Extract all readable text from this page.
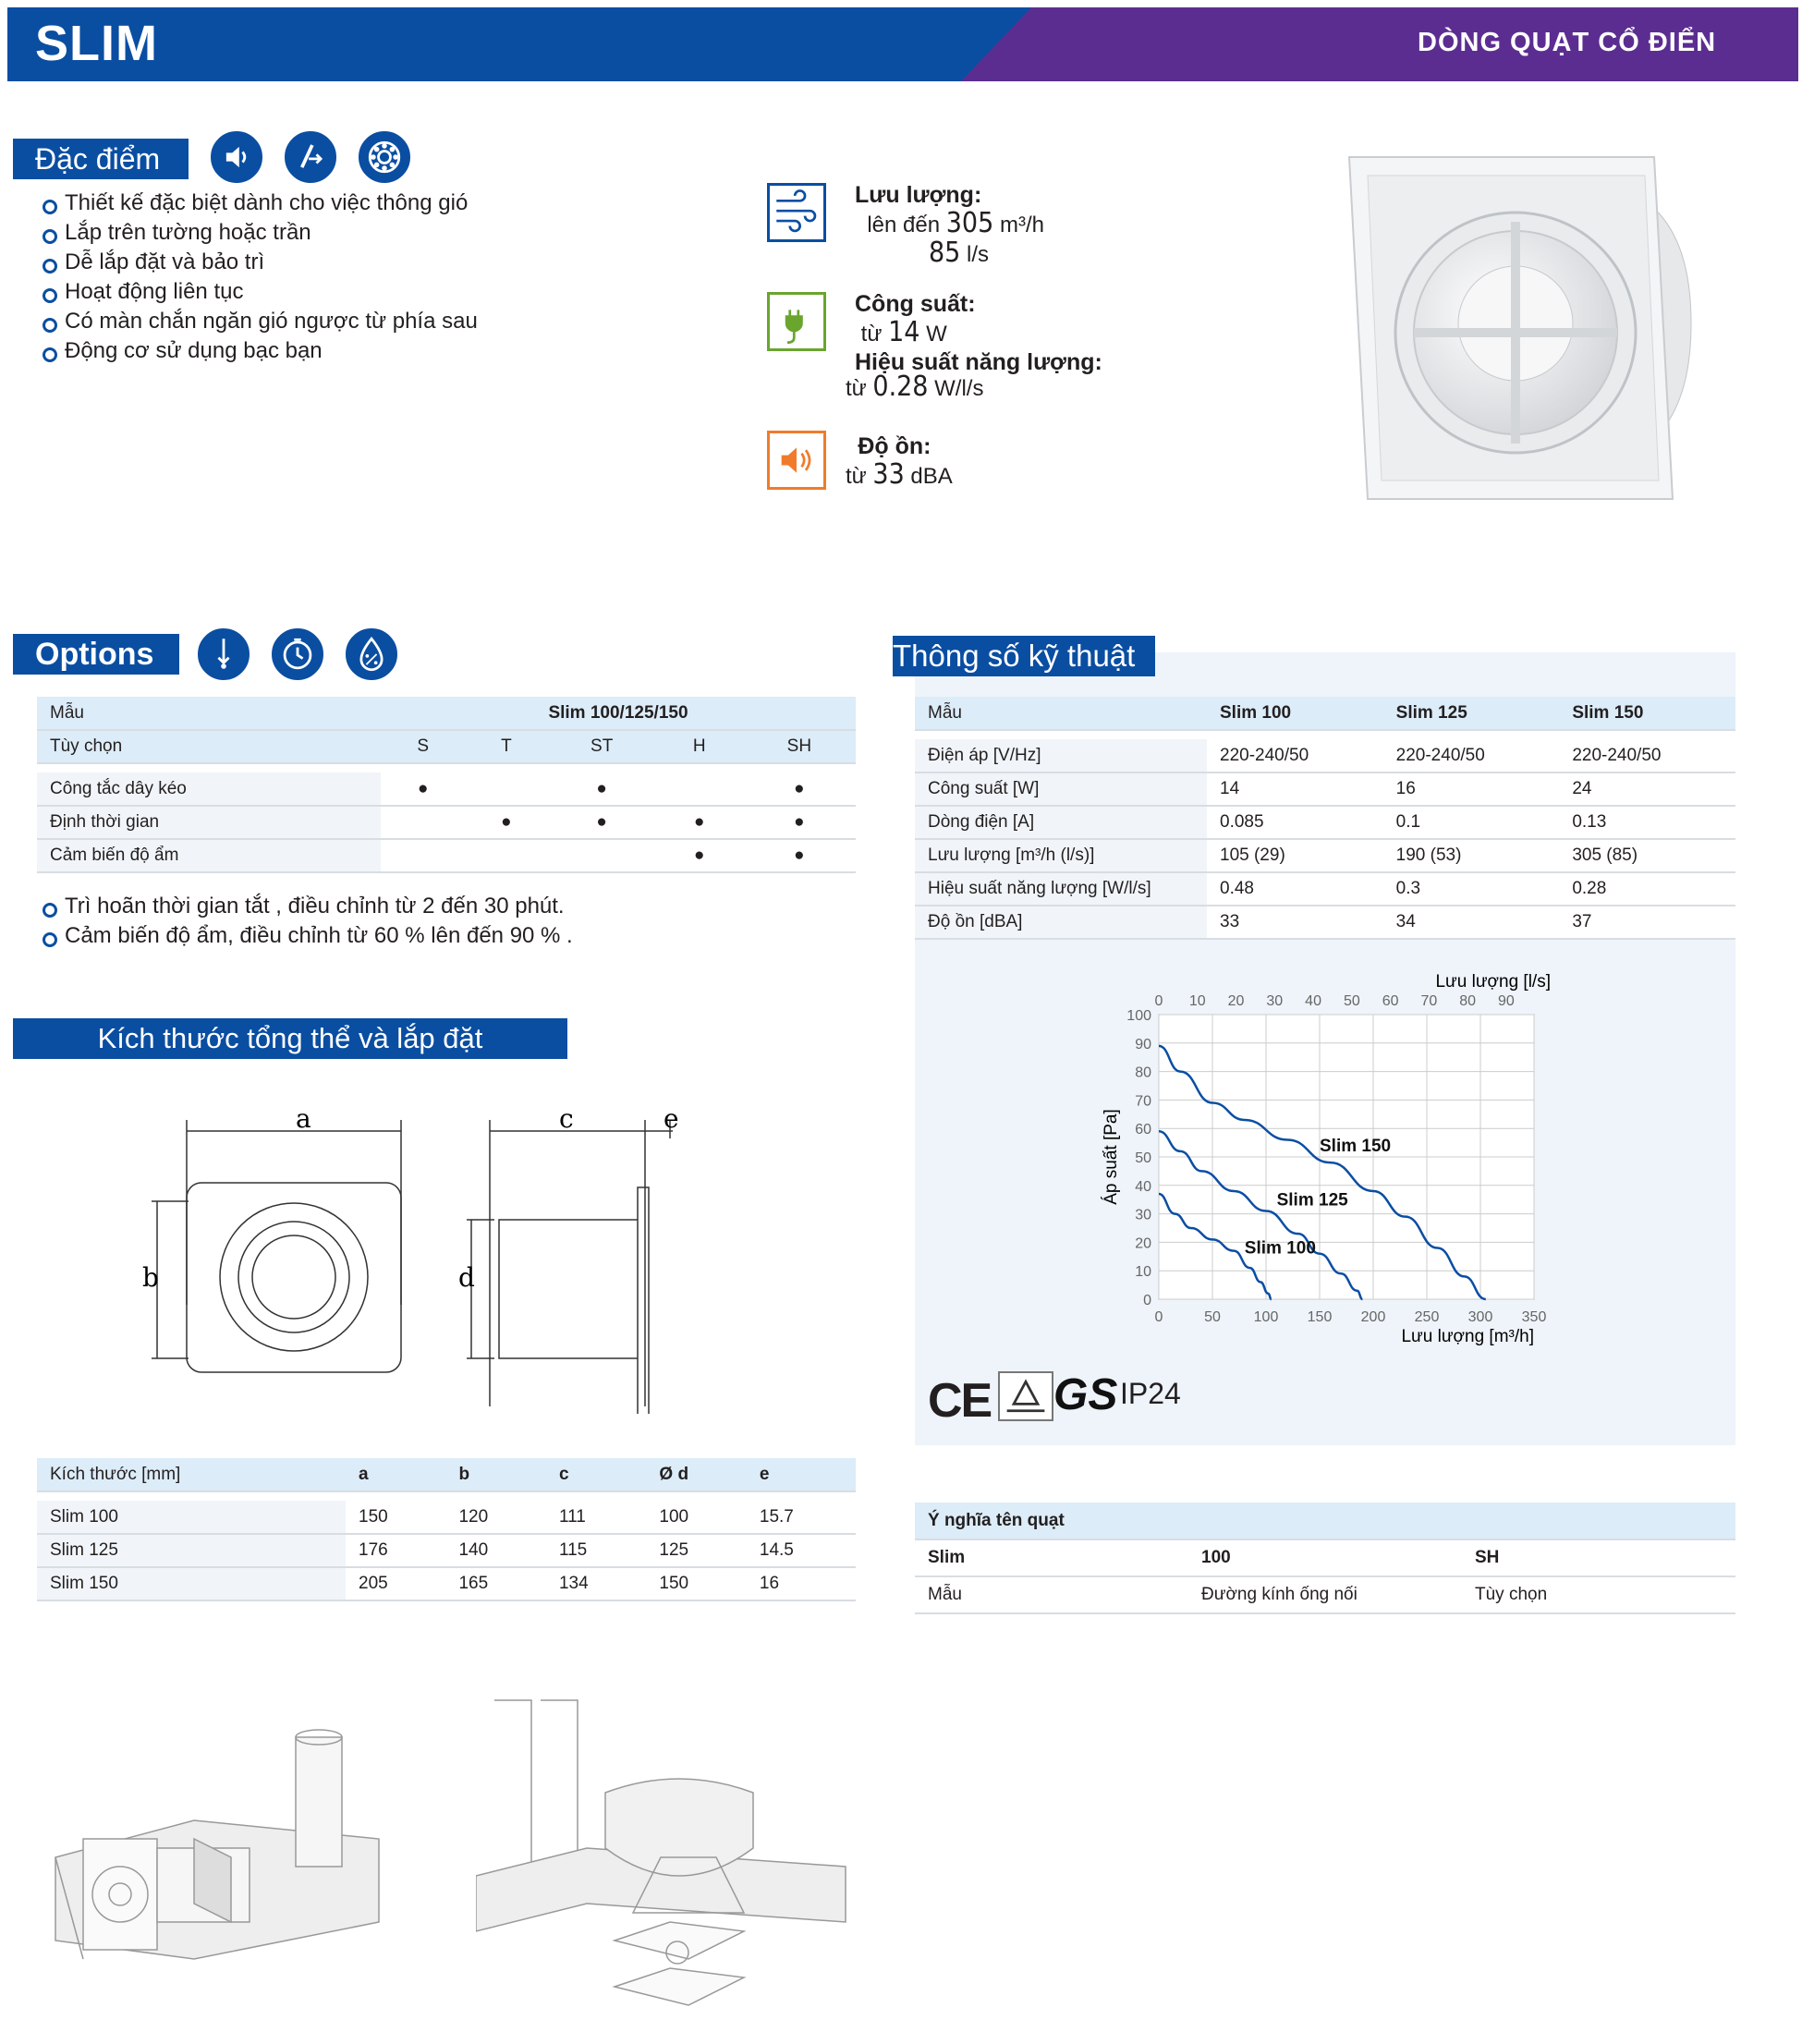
SLIM	DÒNG QUẠT CỔ ĐIỂN
Đặc điểm
Thiết kế đặc biệt dành cho việc thông gió
Lắp trên tường hoặc trần
Dễ lắp đặt và bảo trì
Hoạt động liên tục
Có màn chắn ngăn gió ngược từ phía sau
Động cơ sử dụng bạc bạn
Lưu lượng:
lên đến 305 m³/h
85 l/s
Công suất:
từ 14 W
Hiệu suất năng lượng:
từ 0.28 W/l/s
Độ ồn:
từ 33 dBA
Options
Mẫu	Slim 100/125/150				
Tùy chọn	S	T	ST	H	SH

Công tắc dây kéo	●		●		●
Định thời gian		●	●	●	●
Cảm biến độ ẩm				●	●
Trì hoãn thời gian tắt , điều chỉnh từ 2 đến 30 phút.
Cảm biến độ ẩm, điều chỉnh từ 60 % lên đến 90 % .
Thông số kỹ thuật
Mẫu	Slim 100	Slim 125	Slim 150

Điện áp [V/Hz]	220-240/50	220-240/50	220-240/50
Công suất [W]	14	16	24
Dòng điện [A]	0.085	0.1	0.13
Lưu lượng [m³/h (l/s)]	105 (29)	190 (53)	305 (85)
Hiệu suất năng lượng [W/l/s]	0.48	0.3	0.28
Độ ồn [dBA]	33	34	37
0	50 100 150 200 250 300 350
0
10
20
30
40
50
60
70
80
90
100
0 10 20 30 40 50 60 70 80 90
Lưu lượng [m³/h]
Lưu lượng [l/s]
Áp suất [Pa]	Slim 150
Slim 125
Slim 100
CE GS IP24
Kích thước tổng thể và lắp đặt
a
b
c
d
e
Kích thước [mm]	a	b	c	Ø d	e

Slim 100	150	120	111	100	15.7
Slim 125	176	140	115	125	14.5
Slim 150	205	165	134	150	16
Ý nghĩa tên quạt		
Slim	100	SH
Mẫu	Đường kính ống nối	Tùy chọn
